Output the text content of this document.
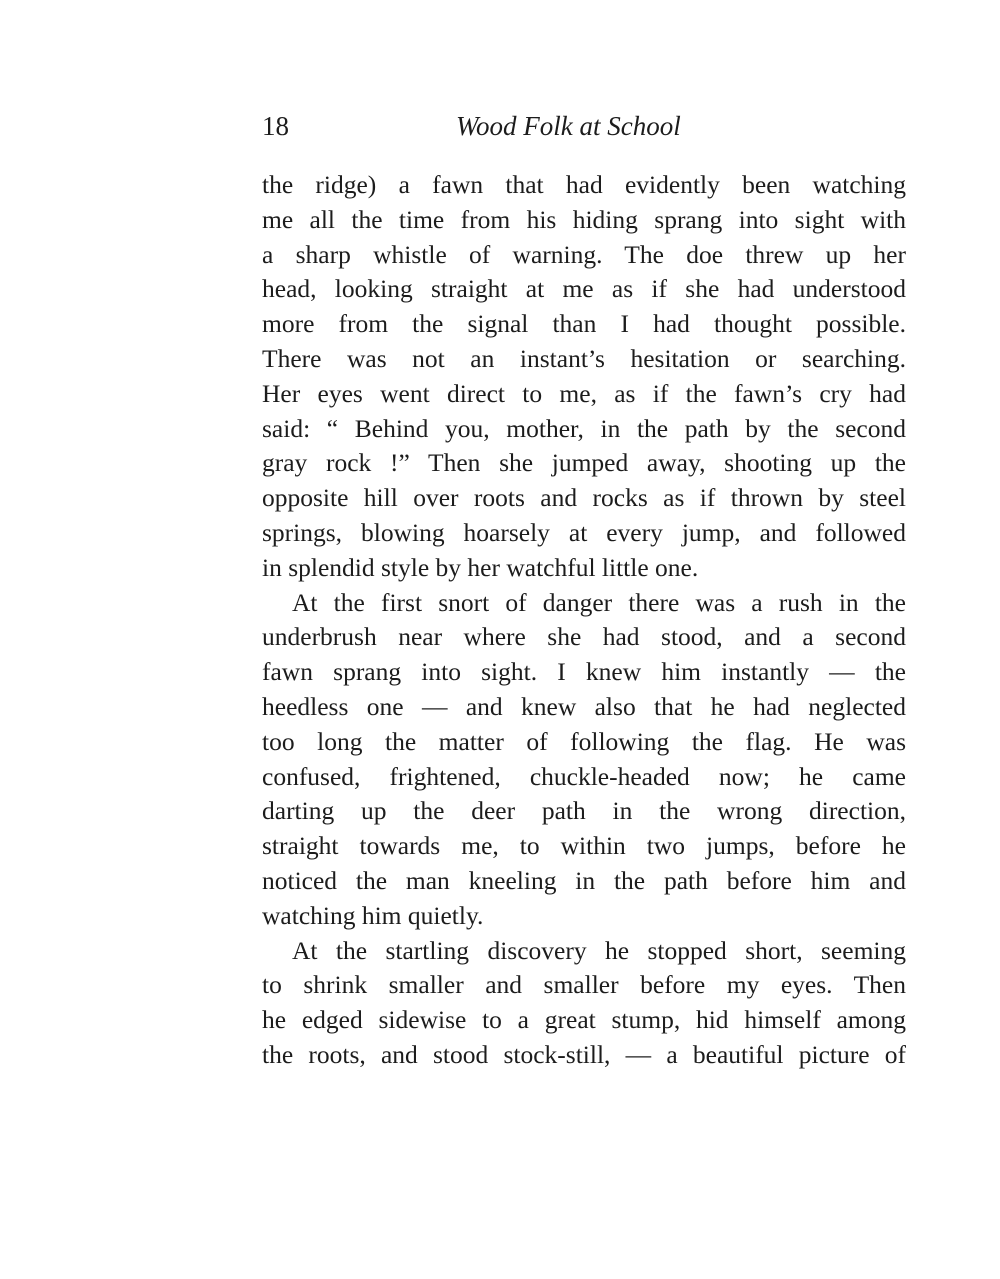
18	Wood Folk at School
the ridge) a fawn that had evidently been watching
me all the time from his hiding sprang into sight with
a sharp whistle of warning. The doe threw up her
head, looking straight at me as if she had understood
more from the signal than I had thought possible.
There was not an instant’s hesitation or searching.
Her eyes went direct to me, as if the fawn’s cry had
said: “ Behind you, mother, in the path by the second
gray rock !” Then she jumped away, shooting up the
opposite hill over roots and rocks as if thrown by steel
springs, blowing hoarsely at every jump, and followed
in splendid style by her watchful little one.
At the first snort of danger there was a rush in the
underbrush near where she had stood, and a second
fawn sprang into sight. I knew him instantly — the
heedless one — and knew also that he had neglected
too long the matter of following the flag. He was
confused, frightened, chuckle-headed now; he came
darting up the deer path in the wrong direction,
straight towards me, to within two jumps, before he
noticed the man kneeling in the path before him and
watching him quietly.
At the startling discovery he stopped short, seeming
to shrink smaller and smaller before my eyes. Then
he edged sidewise to a great stump, hid himself among
the roots, and stood stock-still, — a beautiful picture of
